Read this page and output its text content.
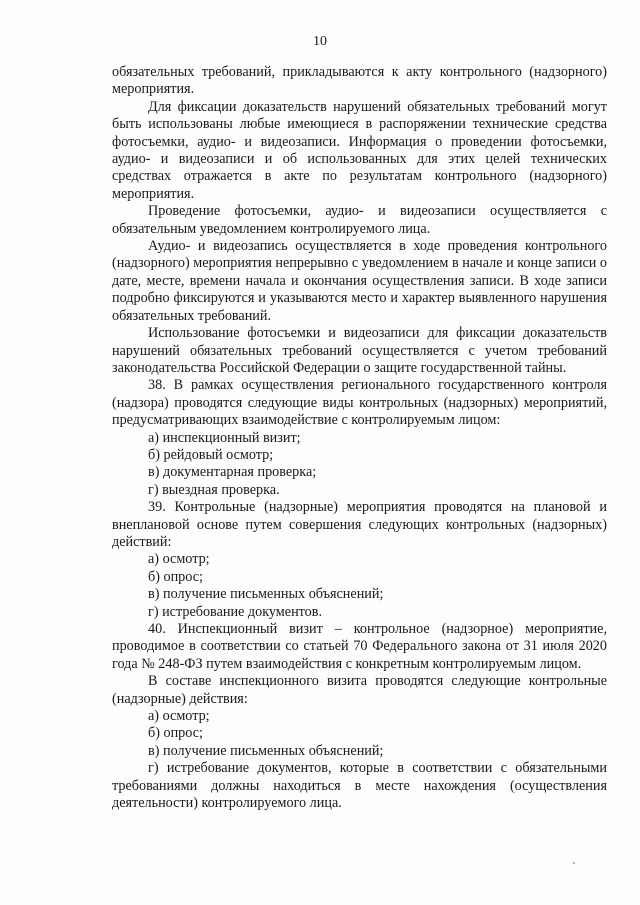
10

обязательных требований, прикладываются к акту контрольного (надзорного) мероприятия.

Для фиксации доказательств нарушений обязательных требований могут быть использованы любые имеющиеся в распоряжении технические средства фотосъемки, аудио- и видеозаписи. Информация о проведении фотосъемки, аудио- и видеозаписи и об использованных для этих целей технических средствах отражается в акте по результатам контрольного (надзорного) мероприятия.

Проведение фотосъемки, аудио- и видеозаписи осуществляется с обязательным уведомлением контролируемого лица.

Аудио- и видеозапись осуществляется в ходе проведения контрольного (надзорного) мероприятия непрерывно с уведомлением в начале и конце записи о дате, месте, времени начала и окончания осуществления записи. В ходе записи подробно фиксируются и указываются место и характер выявленного нарушения обязательных требований.

Использование фотосъемки и видеозаписи для фиксации доказательств нарушений обязательных требований осуществляется с учетом требований законодательства Российской Федерации о защите государственной тайны.

38. В рамках осуществления регионального государственного контроля (надзора) проводятся следующие виды контрольных (надзорных) мероприятий, предусматривающих взаимодействие с контролируемым лицом:

а) инспекционный визит;

б) рейдовый осмотр;

в) документарная проверка;

г) выездная проверка.

39. Контрольные (надзорные) мероприятия проводятся на плановой и внеплановой основе путем совершения следующих контрольных (надзорных) действий:

а) осмотр;

б) опрос;

в) получение письменных объяснений;

г) истребование документов.

40. Инспекционный визит – контрольное (надзорное) мероприятие, проводимое в соответствии со статьей 70 Федерального закона от 31 июля 2020 года № 248-ФЗ путем взаимодействия с конкретным контролируемым лицом.

В составе инспекционного визита проводятся следующие контрольные (надзорные) действия:

а) осмотр;

б) опрос;

в) получение письменных объяснений;

г) истребование документов, которые в соответствии с обязательными требованиями должны находиться в месте нахождения (осуществления деятельности) контролируемого лица.
